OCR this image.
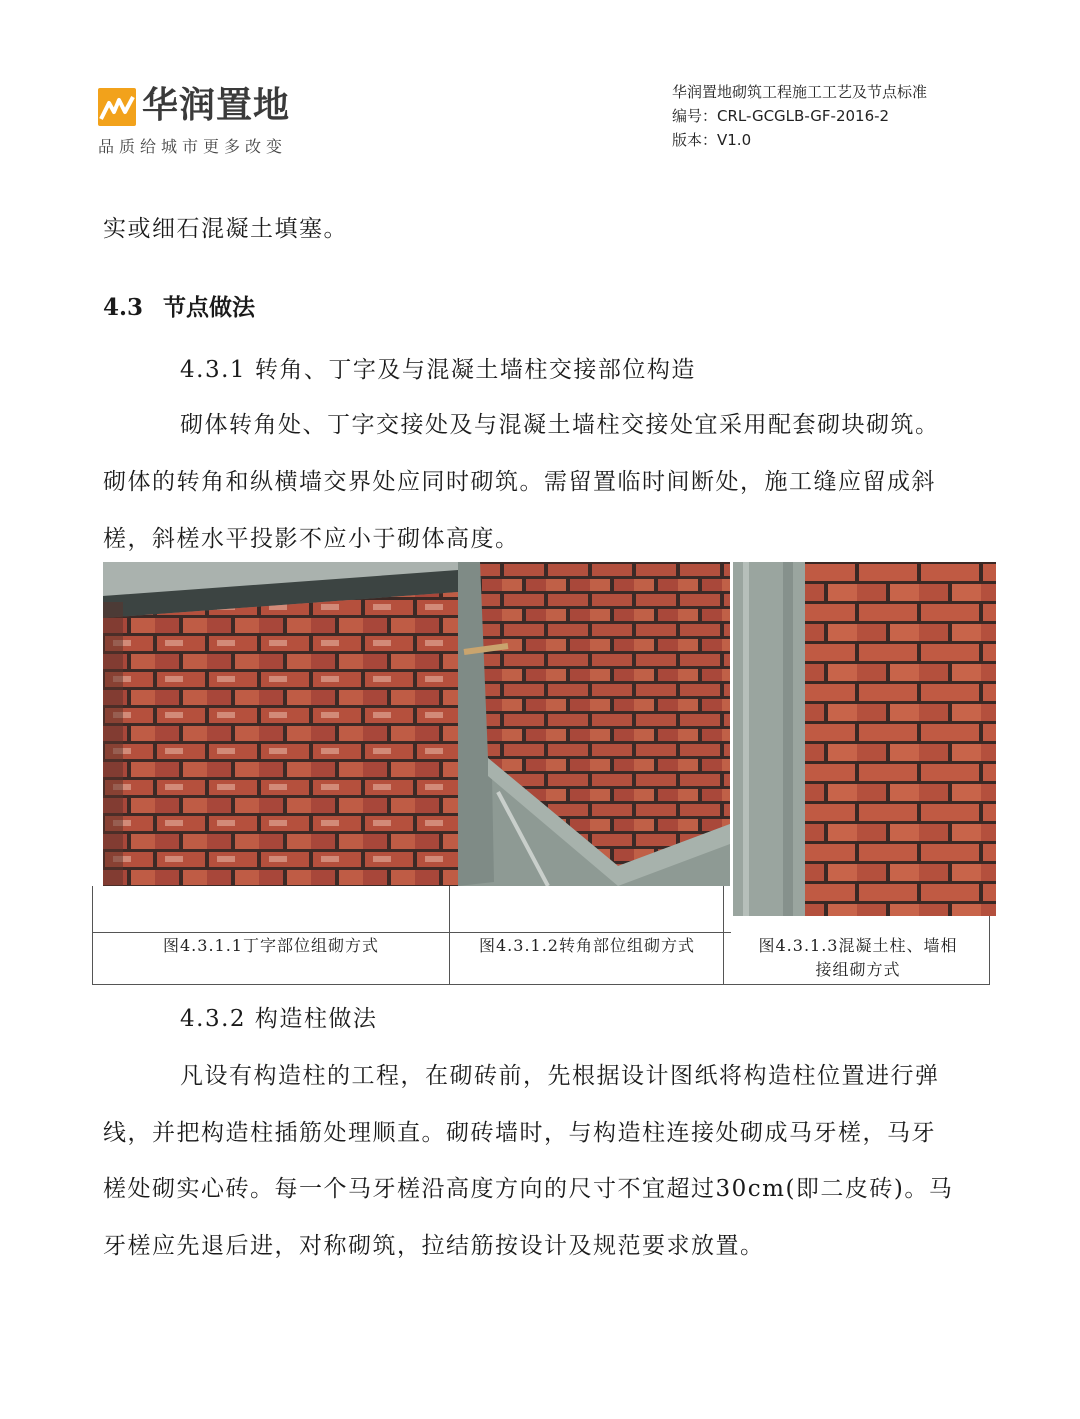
华润置地
品质给城市更多改变
华润置地砌筑工程施工工艺及节点标准
编号：CRL-GCGLB-GF-2016-2
版本：V1.0
实或细石混凝土填塞。
4.3 节点做法
4.3.1 转角、丁字及与混凝土墙柱交接部位构造
砌体转角处、丁字交接处及与混凝土墙柱交接处宜采用配套砌块砌筑。
砌体的转角和纵横墙交界处应同时砌筑。需留置临时间断处，施工缝应留成斜
槎，斜槎水平投影不应小于砌体高度。
图4.3.1.1丁字部位组砌方式	图4.3.1.2转角部位组砌方式	图4.3.1.3混凝土柱、墙相
接组砌方式
4.3.2 构造柱做法
凡设有构造柱的工程，在砌砖前，先根据设计图纸将构造柱位置进行弹
线，并把构造柱插筋处理顺直。砌砖墙时，与构造柱连接处砌成马牙槎，马牙
槎处砌实心砖。每一个马牙槎沿高度方向的尺寸不宜超过30cm(即二皮砖)。马
牙槎应先退后进，对称砌筑，拉结筋按设计及规范要求放置。
